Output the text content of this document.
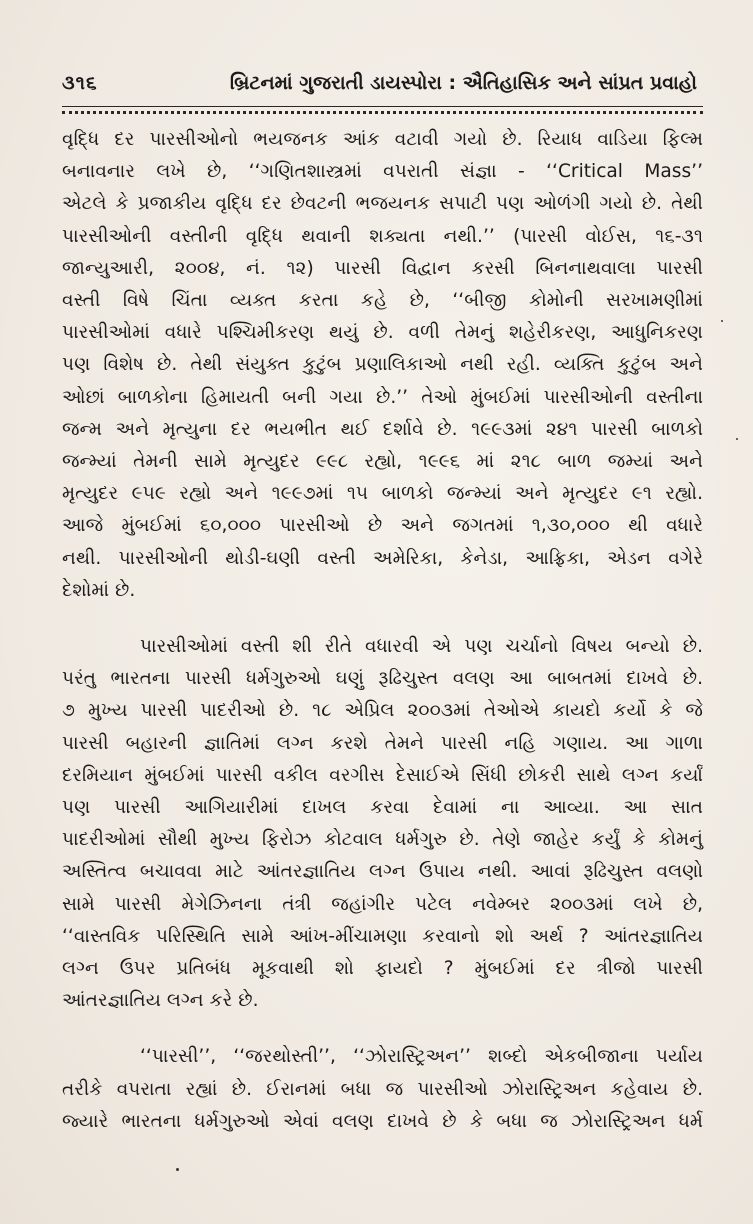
૩૧૬	બ્રિટનમાં ગુજરાતી ડાયસ્પોરા : ઐતિહાસિક અને સાંપ્રત પ્રવાહો

વૃદ્ધિ દર પારસીઓનો ભયજનક આંક વટાવી ગયો છે. રિયાધ વાડિયા ફિલ્મ
બનાવનાર લખે છે, ‘‘ગણિતશાસ્ત્રમાં વપરાતી સંજ્ઞા - ‘‘Critical Mass’’
એટલે કે પ્રજાકીય વૃદ્ધિ દર છેવટની ભજયનક સપાટી પણ ઓળંગી ગયો છે. તેથી
પારસીઓની વસ્તીની વૃદ્ધિ થવાની શક્યતા નથી.’’ (પારસી વોઈસ, ૧૬-૩૧
જાન્યુઆરી, ૨૦૦૪, નં. ૧૨) પારસી વિદ્વાન કરસી બિનનાથવાલા પારસી
વસ્તી વિષે ચિંતા વ્યક્ત કરતા કહે છે, ‘‘બીજી કોમોની સરખામણીમાં
પારસીઓમાં વધારે પશ્ચિમીકરણ થયું છે. વળી તેમનું શહેરીકરણ, આધુનિકરણ
પણ વિશેષ છે. તેથી સંયુક્ત કુટુંબ પ્રણાલિકાઓ નથી રહી. વ્યક્તિ કુટુંબ અને
ઓછાં બાળકોના હિમાયતી બની ગયા છે.’’ તેઓ મુંબઈમાં પારસીઓની વસ્તીના
જન્મ અને મૃત્યુના દર ભયભીત થઈ દર્શાવે છે. ૧૯૯૩માં ૨૪૧ પારસી બાળકો
જન્મ્યાં તેમની સામે મૃત્યુદર ૯૯૮ રહ્યો, ૧૯૯૬ માં ૨૧૮ બાળ જમ્યાં અને
મૃત્યુદર ૯૫૯ રહ્યો અને ૧૯૯૭માં ૧૫ બાળકો જન્મ્યાં અને મૃત્યુદર ૯૧ રહ્યો.
આજે મુંબઈમાં ૬૦,૦૦૦ પારસીઓ છે અને જગતમાં ૧,૩૦,૦૦૦ થી વધારે
નથી. પારસીઓની થોડી-ઘણી વસ્તી અમેરિકા, કેનેડા, આફ્રિકા, એડન વગેરે
દેશોમાં છે.

પારસીઓમાં વસ્તી શી રીતે વધારવી એ પણ ચર્ચાનો વિષય બન્યો છે.
પરંતુ ભારતના પારસી ધર્મગુરુઓ ઘણું રૂઢિચુસ્ત વલણ આ બાબતમાં દાખવે છે.
૭ મુખ્ય પારસી પાદરીઓ છે. ૧૮ એપ્રિલ ૨૦૦૩માં તેઓએ કાયદો કર્યો કે જે
પારસી બહારની જ્ઞાતિમાં લગ્ન કરશે તેમને પારસી નહિ ગણાય. આ ગાળા
દરમિયાન મુંબઈમાં પારસી વકીલ વરગીસ દેસાઈએ સિંધી છોકરી સાથે લગ્ન કર્યાં
પણ પારસી આગિયારીમાં દાખલ કરવા દેવામાં ના આવ્યા. આ સાત
પાદરીઓમાં સૌથી મુખ્ય ફિરોઝ કોટવાલ ધર્મગુરુ છે. તેણે જાહેર કર્યું કે કોમનું
અસ્તિત્વ બચાવવા માટે આંતરજ્ઞાતિય લગ્ન ઉપાય નથી. આવાં રૂઢિચુસ્ત વલણો
સામે પારસી મેગેઝિનના તંત્રી જહાંગીર પટેલ નવેમ્બર ૨૦૦૩માં લખે છે,
‘‘વાસ્તવિક પરિસ્થિતિ સામે આંખ-મીંચામણા કરવાનો શો અર્થ ? આંતરજ્ઞાતિય
લગ્ન ઉપર પ્રતિબંધ મૂકવાથી શો ફાયદો ? મુંબઈમાં દર ત્રીજો પારસી
આંતરજ્ઞાતિય લગ્ન કરે છે.

‘‘પારસી’’, ‘‘જરથોસ્તી’’, ‘‘ઝોરાસ્ટ્રિઅન’’ શબ્દો એકબીજાના પર્યાય
તરીકે વપરાતા રહ્યાં છે. ઈરાનમાં બધા જ પારસીઓ ઝોરાસ્ટ્રિઅન કહેવાય છે.
જ્યારે ભારતના ધર્મગુરુઓ એવાં વલણ દાખવે છે કે બધા જ ઝોરાસ્ટ્રિઅન ધર્મ
